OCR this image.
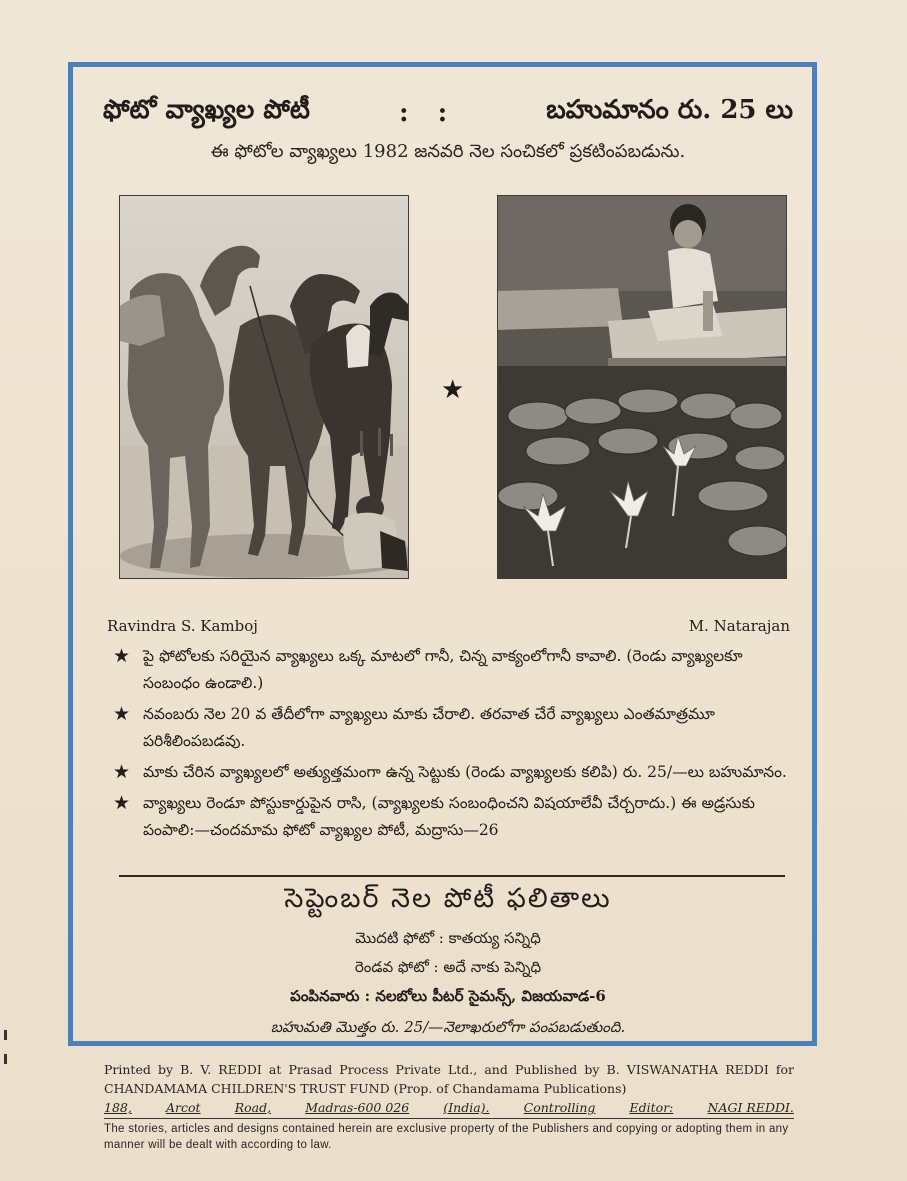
ఫోటో వ్యాఖ్యల పోటీ	: :	బహుమానం రు. 25 లు
ఈ ఫోటోల వ్యాఖ్యలు 1982 జనవరి నెల సంచికలో ప్రకటింపబడును.
★
Ravindra S. Kamboj	M. Natarajan
★ పై ఫోటోలకు సరియైన వ్యాఖ్యలు ఒక్క మాటలో గానీ, చిన్న వాక్యంలోగానీ కావాలి. (రెండు వ్యాఖ్యలకూ సంబంధం ఉండాలి.)
★ నవంబరు నెల 20 వ తేదీలోగా వ్యాఖ్యలు మాకు చేరాలి. తరవాత చేరే వ్యాఖ్యలు ఎంతమాత్రమూ పరిశీలింపబడవు.
★ మాకు చేరిన వ్యాఖ్యలలో అత్యుత్తమంగా ఉన్న సెట్టుకు (రెండు వ్యాఖ్యలకు కలిపి) రు. 25/—లు బహుమానం.
★ వ్యాఖ్యలు రెండూ పోస్టుకార్డుపైన రాసి, (వ్యాఖ్యలకు సంబంధించని విషయాలేవీ చేర్చరాదు.) ఈ అడ్రసుకు పంపాలి:—చందమామ ఫోటో వ్యాఖ్యల పోటీ, మద్రాసు—26
సెప్టెంబర్ నెల పోటీ ఫలితాలు
మొదటి ఫోటో : కాతయ్య సన్నిధి
రెండవ ఫోటో : అదే నాకు పెన్నిధి
పంపినవారు : నలబోలు పీటర్ సైమన్స్, విజయవాడ-6
బహుమతి మొత్తం రు. 25/—నెలాఖరులోగా పంపబడుతుంది.
Printed by B. V. REDDI at Prasad Process Private Ltd., and Published by B. VISWANATHA REDDI for CHANDAMAMA CHILDREN'S TRUST FUND (Prop. of Chandamama Publications)
188,	Arcot	Road,	Madras-600 026	(India).	Controlling	Editor:	NAGI REDDI.
The stories, articles and designs contained herein are exclusive property of the Publishers and copying or adopting them in any manner will be dealt with according to law.
